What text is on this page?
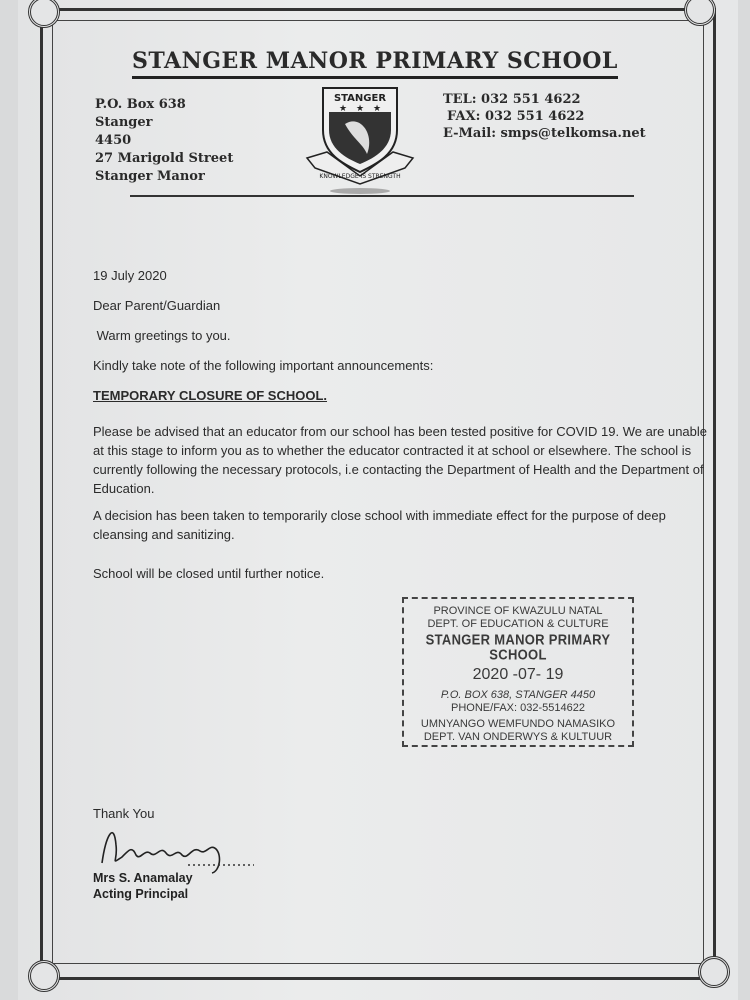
STANGER MANOR PRIMARY SCHOOL
P.O. Box 638
Stanger
4450
27 Marigold Street
Stanger Manor
STANGER
★ ★ ★
KNOWLEDGE IS STRENGTH
TEL: 032 551 4622
FAX: 032 551 4622
E-Mail: smps@telkomsa.net
19 July 2020
Dear Parent/Guardian
Warm greetings to you.
Kindly take note of the following important announcements:
TEMPORARY CLOSURE OF SCHOOL.
Please be advised that an educator from our school has been tested positive for COVID 19. We are unable at this stage to inform you as to whether the educator contracted it at school or elsewhere. The school is currently following the necessary protocols, i.e contacting the Department of Health and the Department of Education.
A decision has been taken to temporarily close school with immediate effect for the purpose of deep cleansing and sanitizing.
School will be closed until further notice.
PROVINCE OF KWAZULU NATAL
DEPT. OF EDUCATION & CULTURE
STANGER MANOR PRIMARY SCHOOL
2020 -07- 19
P.O. BOX 638, STANGER 4450
PHONE/FAX: 032-5514622
UMNYANGO WEMFUNDO NAMASIKO
DEPT. VAN ONDERWYS & KULTUUR
Thank You
Mrs S. Anamalay
Acting Principal
